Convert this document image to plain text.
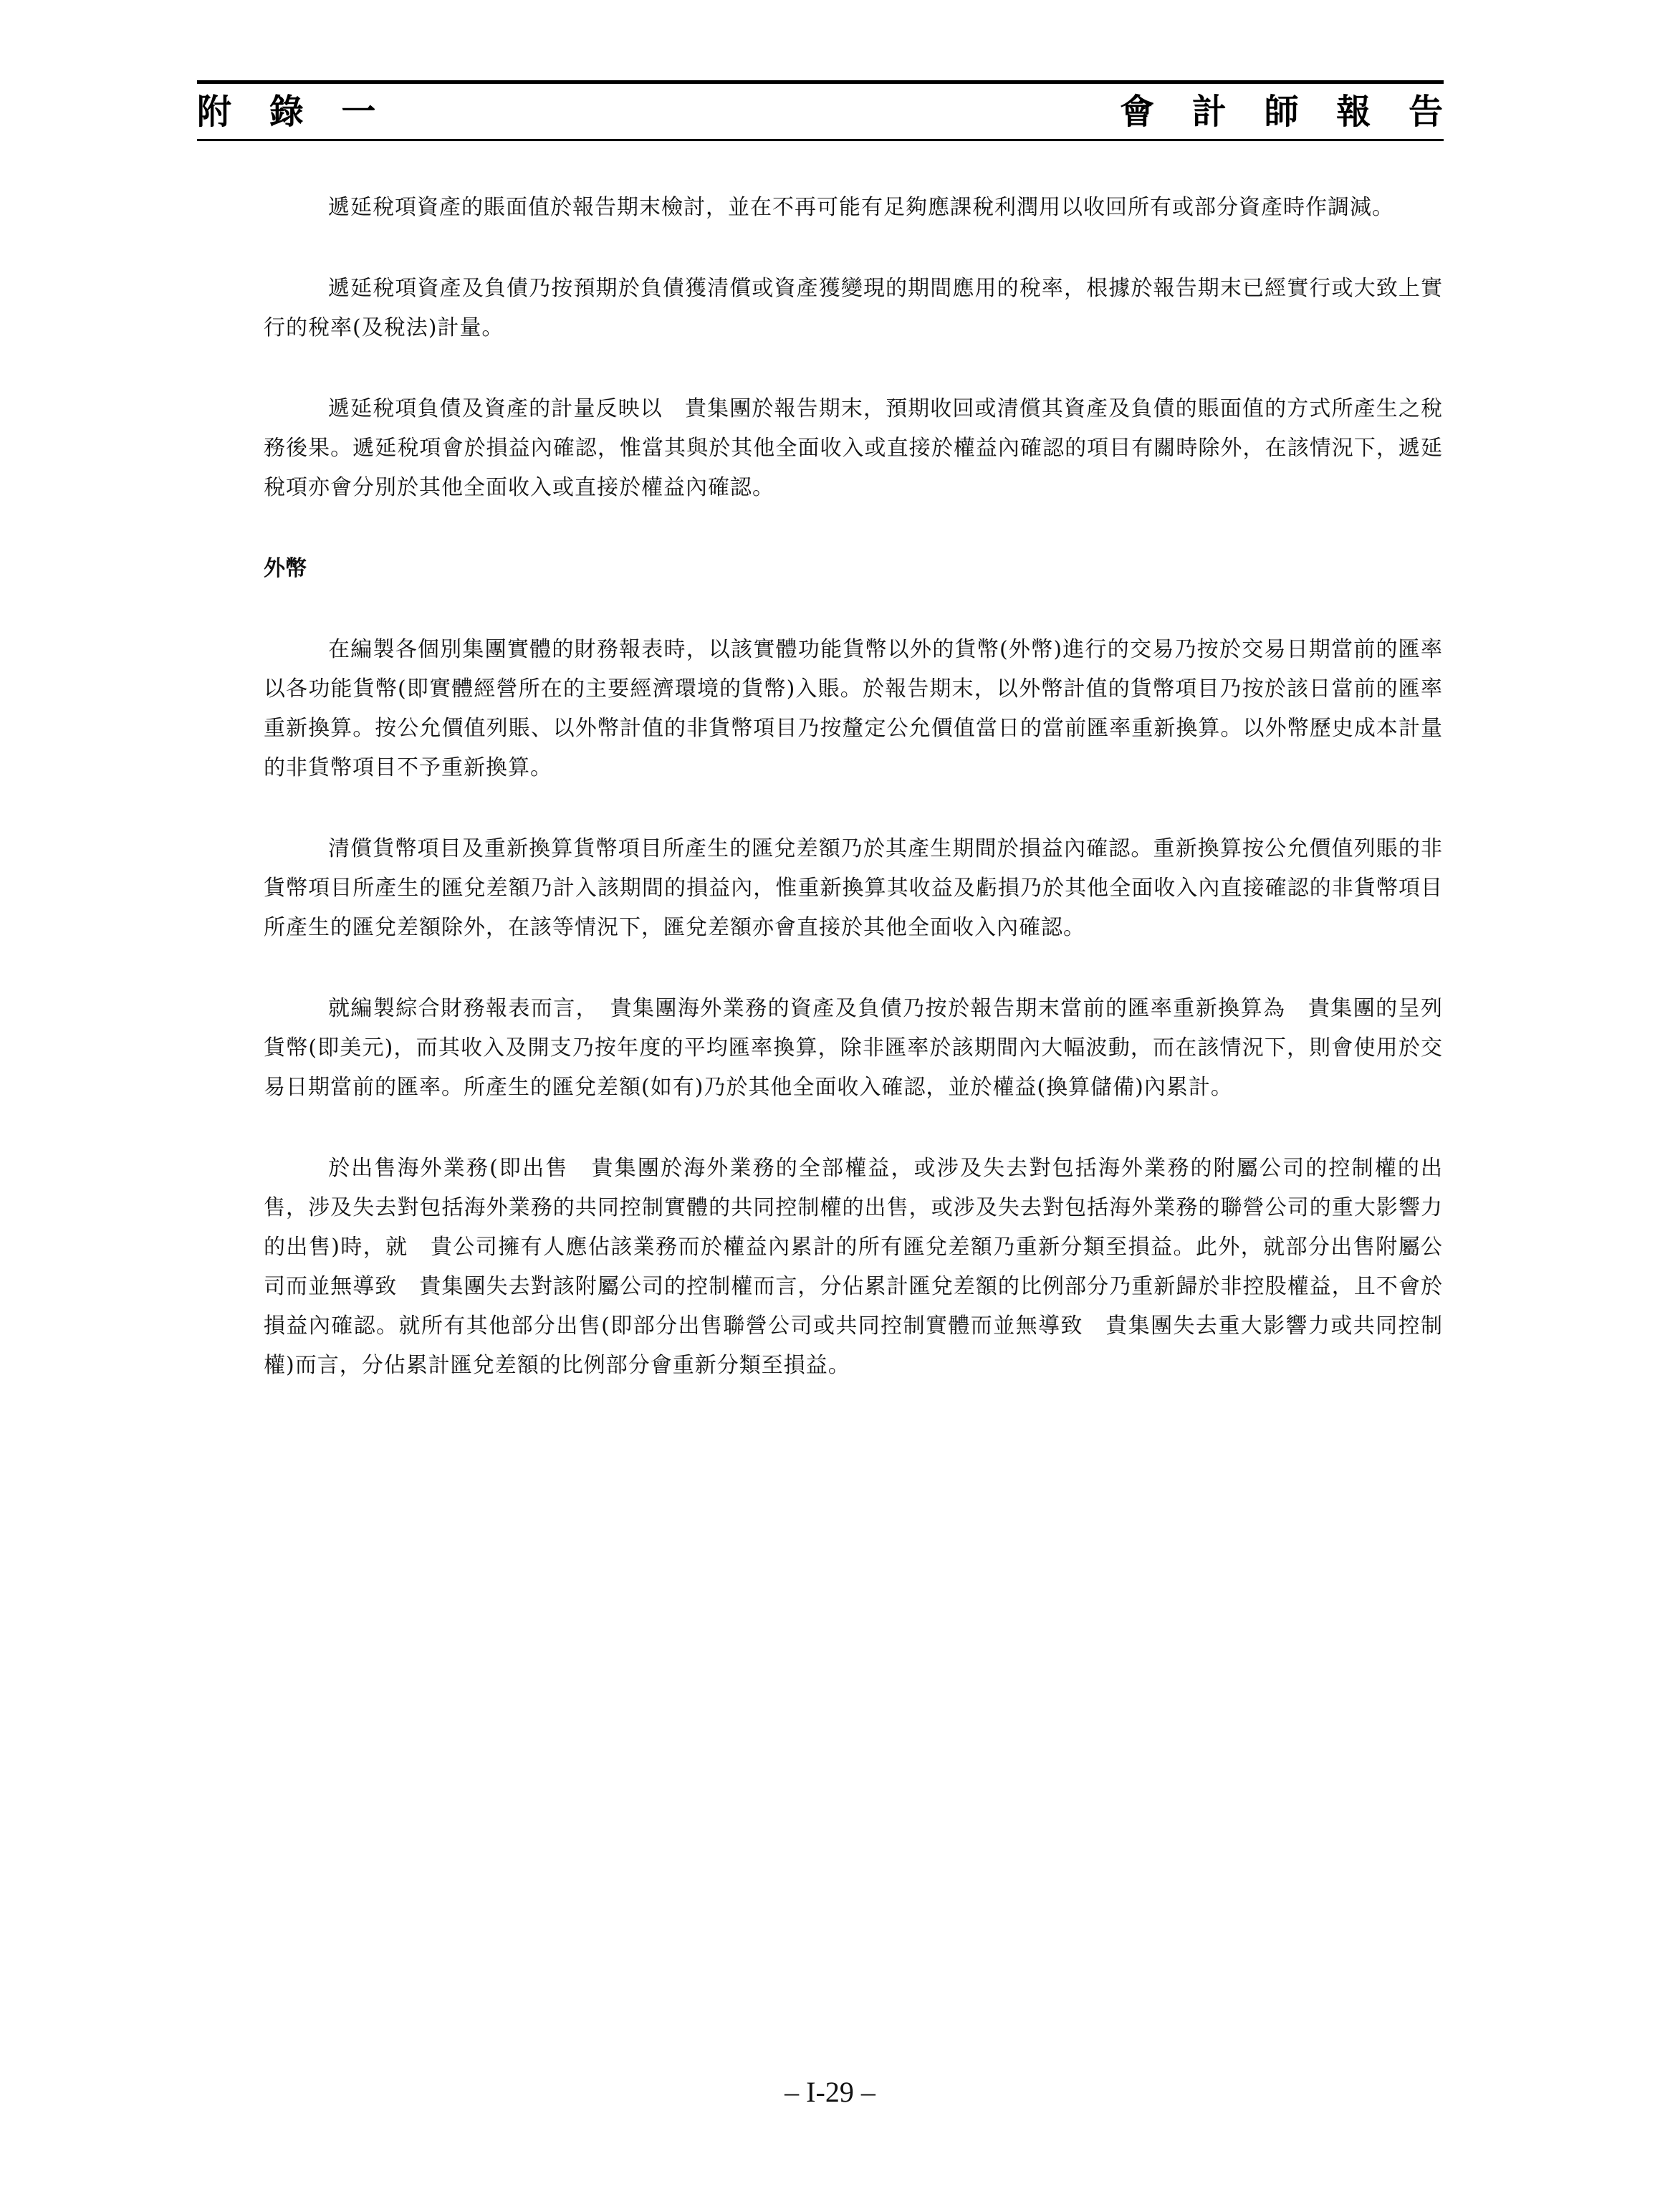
附 錄 一	會 計 師 報 告

遞延稅項資產的賬面值於報告期末檢討，並在不再可能有足夠應課稅利潤用以收回所有或部分資產時作調減。

遞延稅項資產及負債乃按預期於負債獲清償或資產獲變現的期間應用的稅率，根據於報告期末已經實行或大致上實行的稅率(及稅法)計量。

遞延稅項負債及資產的計量反映以　貴集團於報告期末，預期收回或清償其資產及負債的賬面值的方式所產生之稅務後果。遞延稅項會於損益內確認，惟當其與於其他全面收入或直接於權益內確認的項目有關時除外，在該情況下，遞延稅項亦會分別於其他全面收入或直接於權益內確認。

外幣

在編製各個別集團實體的財務報表時，以該實體功能貨幣以外的貨幣(外幣)進行的交易乃按於交易日期當前的匯率以各功能貨幣(即實體經營所在的主要經濟環境的貨幣)入賬。於報告期末，以外幣計值的貨幣項目乃按於該日當前的匯率重新換算。按公允價值列賬、以外幣計值的非貨幣項目乃按釐定公允價值當日的當前匯率重新換算。以外幣歷史成本計量的非貨幣項目不予重新換算。

清償貨幣項目及重新換算貨幣項目所產生的匯兌差額乃於其產生期間於損益內確認。重新換算按公允價值列賬的非貨幣項目所產生的匯兌差額乃計入該期間的損益內，惟重新換算其收益及虧損乃於其他全面收入內直接確認的非貨幣項目所產生的匯兌差額除外，在該等情況下，匯兌差額亦會直接於其他全面收入內確認。

就編製綜合財務報表而言，　貴集團海外業務的資產及負債乃按於報告期末當前的匯率重新換算為　貴集團的呈列貨幣(即美元)，而其收入及開支乃按年度的平均匯率換算，除非匯率於該期間內大幅波動，而在該情況下，則會使用於交易日期當前的匯率。所產生的匯兌差額(如有)乃於其他全面收入確認，並於權益(換算儲備)內累計。

於出售海外業務(即出售　貴集團於海外業務的全部權益，或涉及失去對包括海外業務的附屬公司的控制權的出售，涉及失去對包括海外業務的共同控制實體的共同控制權的出售，或涉及失去對包括海外業務的聯營公司的重大影響力的出售)時，就　貴公司擁有人應佔該業務而於權益內累計的所有匯兌差額乃重新分類至損益。此外，就部分出售附屬公司而並無導致　貴集團失去對該附屬公司的控制權而言，分佔累計匯兌差額的比例部分乃重新歸於非控股權益，且不會於損益內確認。就所有其他部分出售(即部分出售聯營公司或共同控制實體而並無導致　貴集團失去重大影響力或共同控制權)而言，分佔累計匯兌差額的比例部分會重新分類至損益。

– I-29 –
